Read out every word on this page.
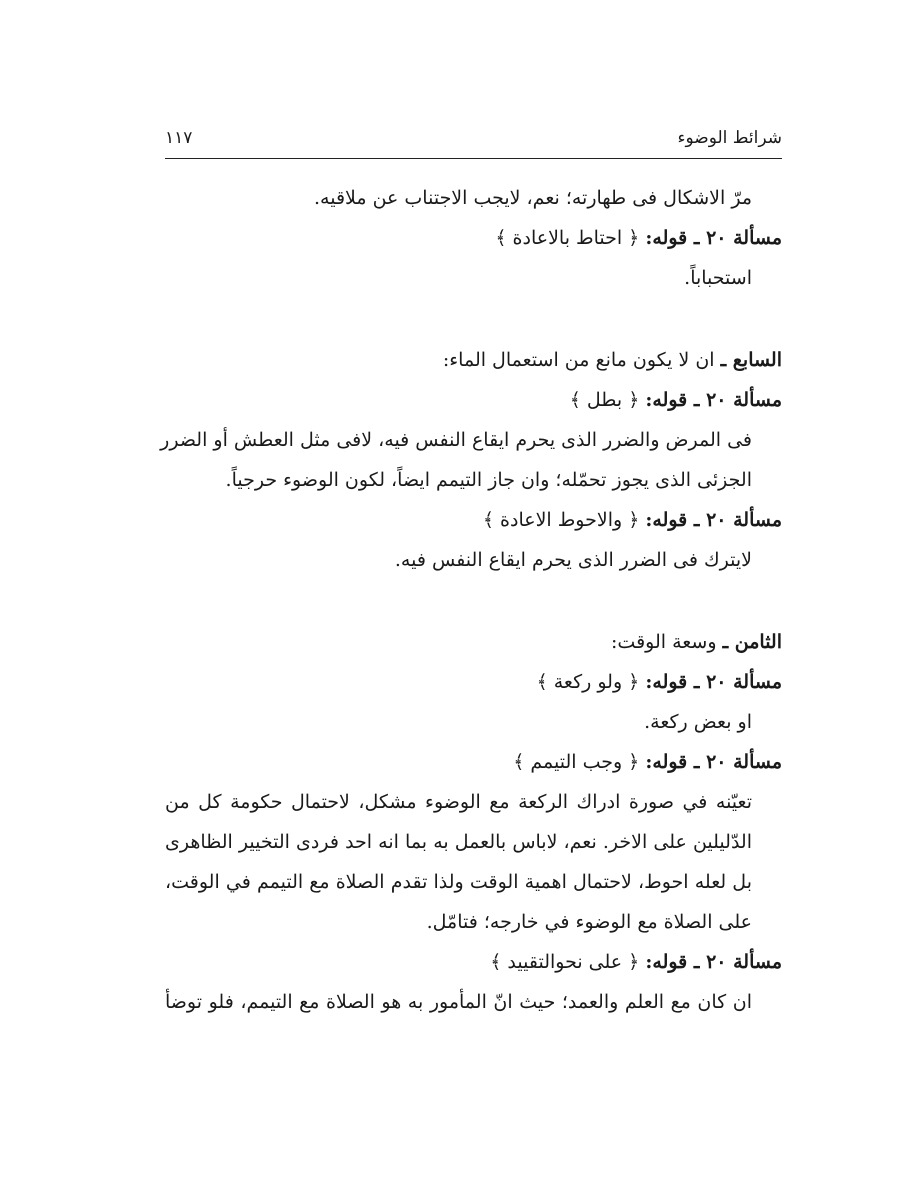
شرائط الوضوء
١١٧
مرّ الاشكال فى طهارته؛ نعم، لايجب الاجتناب عن ملاقيه.
مسألة ٢٠ ـ قوله: ﴿ احتاط بالاعادة ﴾
استحباباً.
السابع ـ ان لا يكون مانع من استعمال الماء:
مسألة ٢٠ ـ قوله: ﴿ بطل ﴾
فى المرض والضرر الذى يحرم ايقاع النفس فيه، لافى مثل العطش أو الضرر
الجزئى الذى يجوز تحمّله؛ وان جاز التيمم ايضاً، لكون الوضوء حرجياً.
مسألة ٢٠ ـ قوله: ﴿ والاحوط الاعادة ﴾
لايترك فى الضرر الذى يحرم ايقاع النفس فيه.
الثامن ـ وسعة الوقت:
مسألة ٢٠ ـ قوله: ﴿ ولو ركعة ﴾
او بعض ركعة.
مسألة ٢٠ ـ قوله: ﴿ وجب التيمم ﴾
تعيّنه في صورة ادراك الركعة مع الوضوء مشكل، لاحتمال حكومة كل من
الدّليلين على الاخر. نعم، لاباس بالعمل به بما انه احد فردى التخيير الظاهرى
بل لعله احوط، لاحتمال اهمية الوقت ولذا تقدم الصلاة مع التيمم في الوقت،
على الصلاة مع الوضوء في خارجه؛ فتامّل.
مسألة ٢٠ ـ قوله: ﴿ على نحوالتقييد ﴾
ان كان مع العلم والعمد؛ حيث انّ المأمور به هو الصلاة مع التيمم، فلو توضأ
